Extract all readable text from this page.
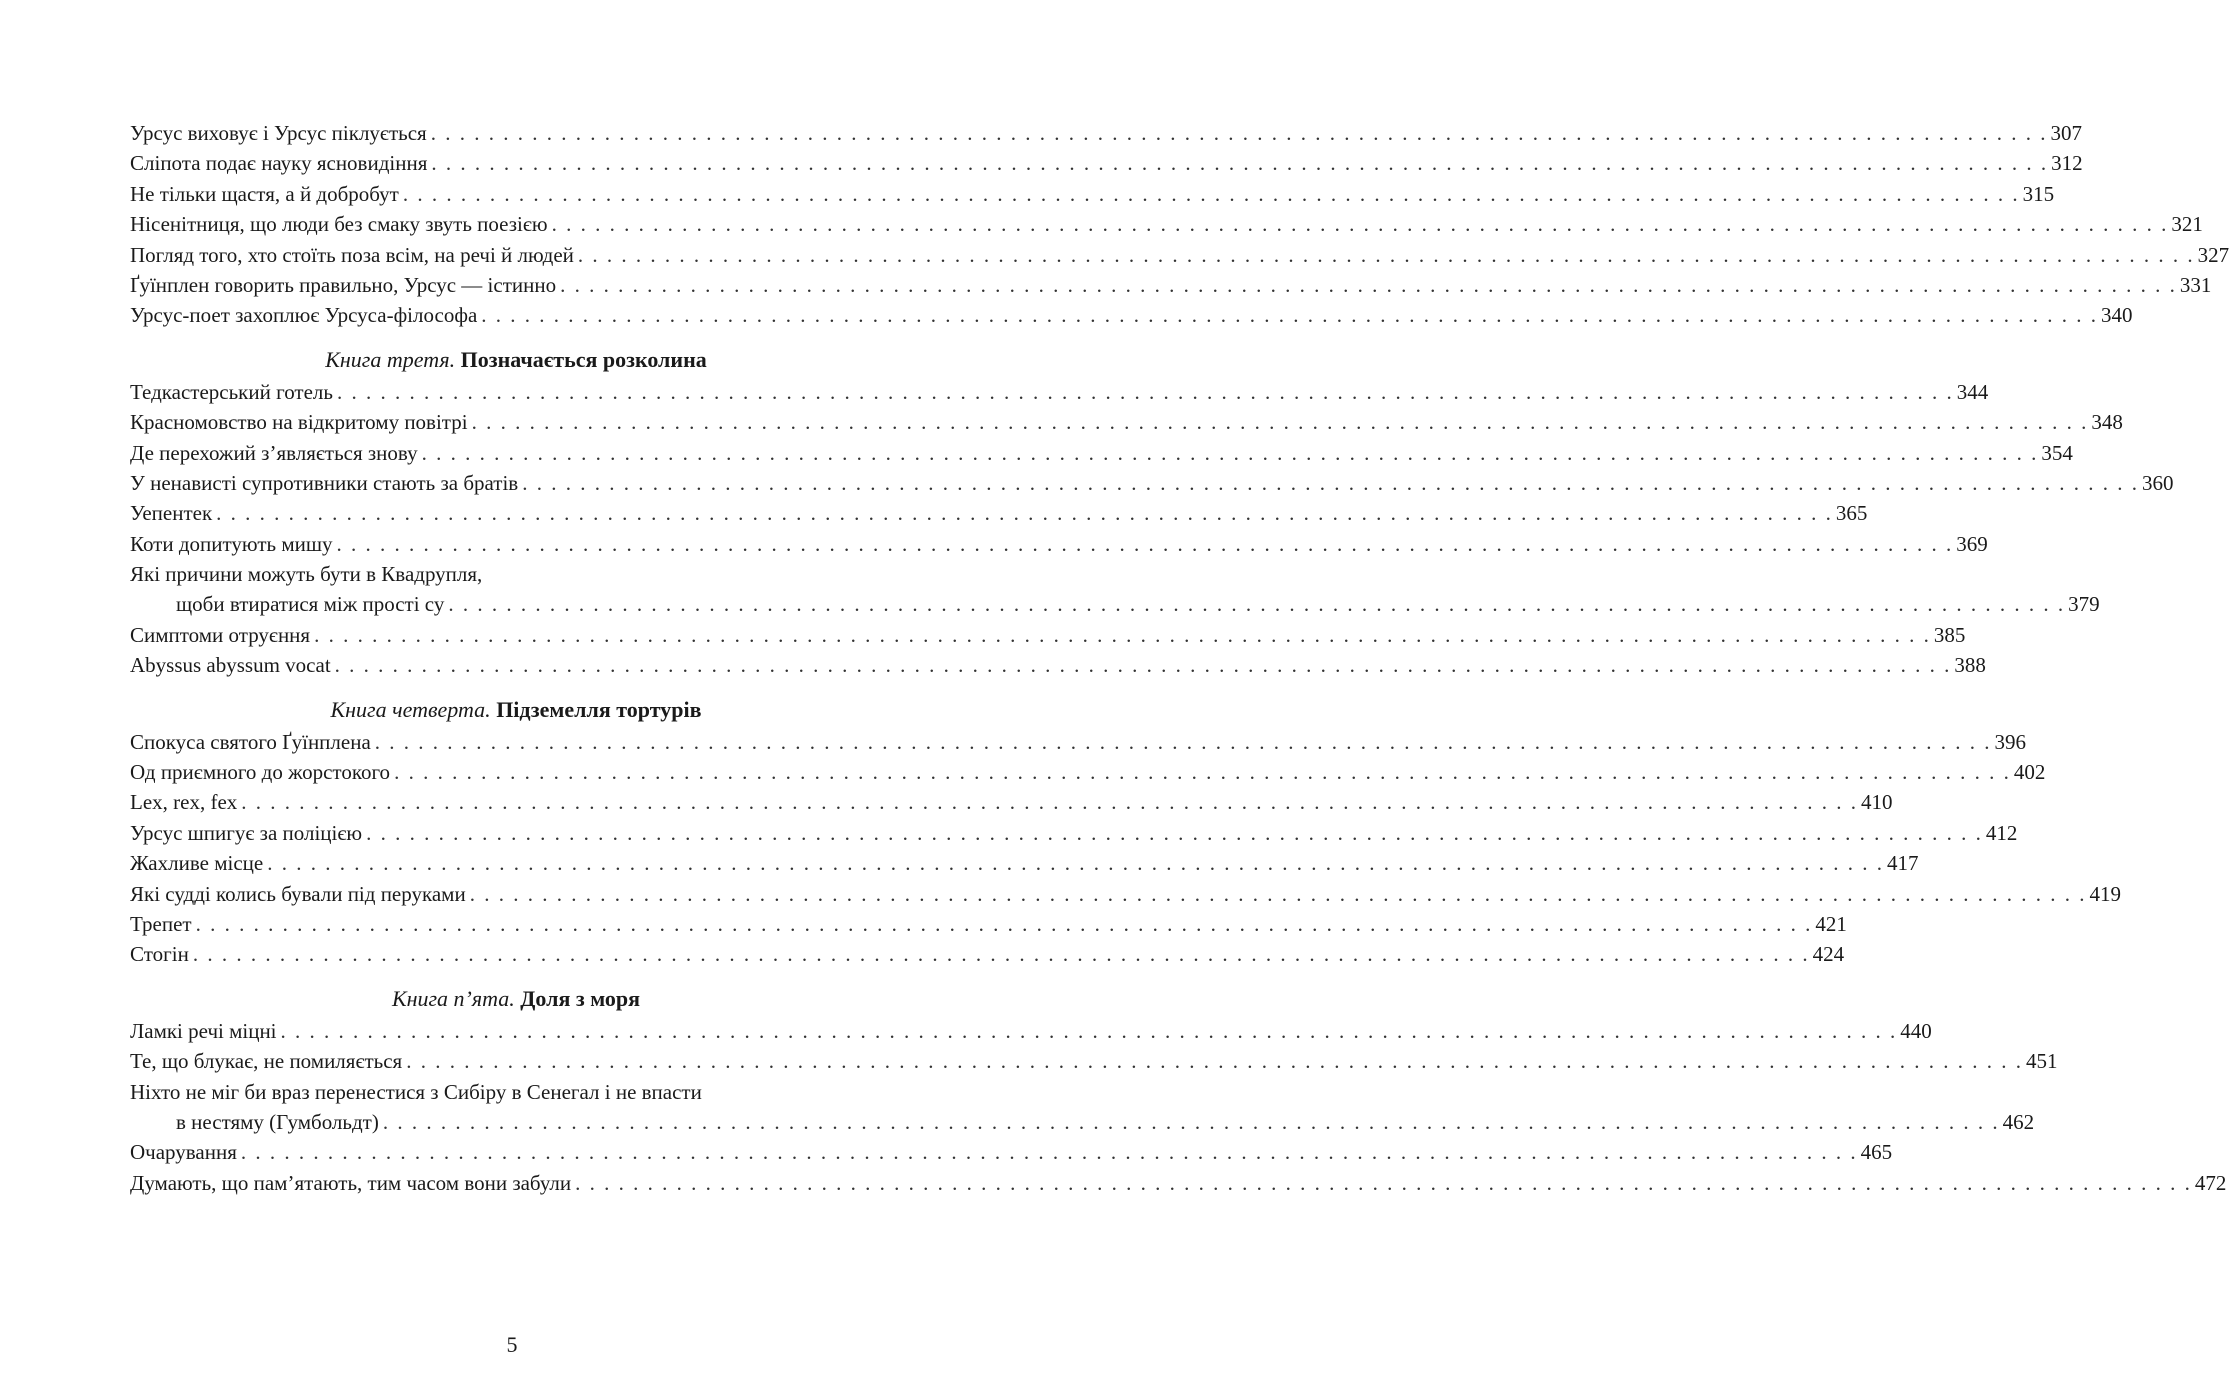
Урсус виховує і Урсус піклується . . . . . . . . . . . . . . . . . . . . . . . . . . . . . . . . . . . . . . . . . . . . . . . . . . . . . . . . . . . . . . . . . . . . . . . . . . . . . . . . . . . . . . . . . . . . . . . . . . . . . . . . . . . . . . . . 307
Сліпота подає науку ясновидіння . . . . . . . . . . . . . . . . . . . . . . . . . . . . . . . . . . . . . . . . . . . . . . . . . . . . . . . . . . . . . . . . . . . . . . . . . . . . . . . . . . . . . . . . . . . . . . . . . . . . . . . . . . . . . . . . 312
Не тільки щастя, а й добробут . . . . . . . . . . . . . . . . . . . . . . . . . . . . . . . . . . . . . . . . . . . . . . . . . . . . . . . . . . . . . . . . . . . . . . . . . . . . . . . . . . . . . . . . . . . . . . . . . . . . . . . . . . . . . . . . 315
Нісенітниця, що люди без смаку звуть поезією . . . . . . . . . . . . . . . . . . . . . . . . . . . . . . . . . . . . . . . . . . . . . . . . . . . . . . . . . . . . . . . . . . . . . . . . . . . . . . . . . . . . . . . . . . . . . . . . . . . . . . . . . . . . . . . . 321
Погляд того, хто стоїть поза всім, на речі й людей . . . . . . . . . . . . . . . . . . . . . . . . . . . . . . . . . . . . . . . . . . . . . . . . . . . . . . . . . . . . . . . . . . . . . . . . . . . . . . . . . . . . . . . . . . . . . . . . . . . . . . . . . . . . . . . . 327
Ґуїнплен говорить правильно, Урсус — істинно . . . . . . . . . . . . . . . . . . . . . . . . . . . . . . . . . . . . . . . . . . . . . . . . . . . . . . . . . . . . . . . . . . . . . . . . . . . . . . . . . . . . . . . . . . . . . . . . . . . . . . . . . . . . . . . . 331
Урсус-поет захоплює Урсуса-філософа . . . . . . . . . . . . . . . . . . . . . . . . . . . . . . . . . . . . . . . . . . . . . . . . . . . . . . . . . . . . . . . . . . . . . . . . . . . . . . . . . . . . . . . . . . . . . . . . . . . . . . . . . . . . . . . . 340
Книга третя. Позначається розколина
Тедкастерський готель . . . . . . . . . . . . . . . . . . . . . . . . . . . . . . . . . . . . . . . . . . . . . . . . . . . . . . . . . . . . . . . . . . . . . . . . . . . . . . . . . . . . . . . . . . . . . . . . . . . . . . . . . . . . . . . . 344
Красномовство на відкритому повітрі . . . . . . . . . . . . . . . . . . . . . . . . . . . . . . . . . . . . . . . . . . . . . . . . . . . . . . . . . . . . . . . . . . . . . . . . . . . . . . . . . . . . . . . . . . . . . . . . . . . . . . . . . . . . . . . . 348
Де перехожий з’являється знову . . . . . . . . . . . . . . . . . . . . . . . . . . . . . . . . . . . . . . . . . . . . . . . . . . . . . . . . . . . . . . . . . . . . . . . . . . . . . . . . . . . . . . . . . . . . . . . . . . . . . . . . . . . . . . . . 354
У ненависті супротивники стають за братів . . . . . . . . . . . . . . . . . . . . . . . . . . . . . . . . . . . . . . . . . . . . . . . . . . . . . . . . . . . . . . . . . . . . . . . . . . . . . . . . . . . . . . . . . . . . . . . . . . . . . . . . . . . . . . . . 360
Уепентек . . . . . . . . . . . . . . . . . . . . . . . . . . . . . . . . . . . . . . . . . . . . . . . . . . . . . . . . . . . . . . . . . . . . . . . . . . . . . . . . . . . . . . . . . . . . . . . . . . . . . . . . . . . . . . . . 365
Коти допитують мишу . . . . . . . . . . . . . . . . . . . . . . . . . . . . . . . . . . . . . . . . . . . . . . . . . . . . . . . . . . . . . . . . . . . . . . . . . . . . . . . . . . . . . . . . . . . . . . . . . . . . . . . . . . . . . . . . 369
Які причини можуть бути в Квадрупля,
щоби втиратися між прості су . . . . . . . . . . . . . . . . . . . . . . . . . . . . . . . . . . . . . . . . . . . . . . . . . . . . . . . . . . . . . . . . . . . . . . . . . . . . . . . . . . . . . . . . . . . . . . . . . . . . . . . . . . . . . . . . 379
Симптоми отруєння . . . . . . . . . . . . . . . . . . . . . . . . . . . . . . . . . . . . . . . . . . . . . . . . . . . . . . . . . . . . . . . . . . . . . . . . . . . . . . . . . . . . . . . . . . . . . . . . . . . . . . . . . . . . . . . . 385
Abyssus abyssum vocat . . . . . . . . . . . . . . . . . . . . . . . . . . . . . . . . . . . . . . . . . . . . . . . . . . . . . . . . . . . . . . . . . . . . . . . . . . . . . . . . . . . . . . . . . . . . . . . . . . . . . . . . . . . . . . . . 388
Книга четверта. Підземелля тортурів
Спокуса святого Ґуїнплена . . . . . . . . . . . . . . . . . . . . . . . . . . . . . . . . . . . . . . . . . . . . . . . . . . . . . . . . . . . . . . . . . . . . . . . . . . . . . . . . . . . . . . . . . . . . . . . . . . . . . . . . . . . . . . . . 396
Од приємного до жорстокого . . . . . . . . . . . . . . . . . . . . . . . . . . . . . . . . . . . . . . . . . . . . . . . . . . . . . . . . . . . . . . . . . . . . . . . . . . . . . . . . . . . . . . . . . . . . . . . . . . . . . . . . . . . . . . . . 402
Lex, rex, fex . . . . . . . . . . . . . . . . . . . . . . . . . . . . . . . . . . . . . . . . . . . . . . . . . . . . . . . . . . . . . . . . . . . . . . . . . . . . . . . . . . . . . . . . . . . . . . . . . . . . . . . . . . . . . . . . 410
Урсус шпигує за поліцією . . . . . . . . . . . . . . . . . . . . . . . . . . . . . . . . . . . . . . . . . . . . . . . . . . . . . . . . . . . . . . . . . . . . . . . . . . . . . . . . . . . . . . . . . . . . . . . . . . . . . . . . . . . . . . . . 412
Жахливе місце . . . . . . . . . . . . . . . . . . . . . . . . . . . . . . . . . . . . . . . . . . . . . . . . . . . . . . . . . . . . . . . . . . . . . . . . . . . . . . . . . . . . . . . . . . . . . . . . . . . . . . . . . . . . . . . . 417
Які судді колись бували під перуками . . . . . . . . . . . . . . . . . . . . . . . . . . . . . . . . . . . . . . . . . . . . . . . . . . . . . . . . . . . . . . . . . . . . . . . . . . . . . . . . . . . . . . . . . . . . . . . . . . . . . . . . . . . . . . . . 419
Трепет . . . . . . . . . . . . . . . . . . . . . . . . . . . . . . . . . . . . . . . . . . . . . . . . . . . . . . . . . . . . . . . . . . . . . . . . . . . . . . . . . . . . . . . . . . . . . . . . . . . . . . . . . . . . . . . . 421
Стогін . . . . . . . . . . . . . . . . . . . . . . . . . . . . . . . . . . . . . . . . . . . . . . . . . . . . . . . . . . . . . . . . . . . . . . . . . . . . . . . . . . . . . . . . . . . . . . . . . . . . . . . . . . . . . . . . 424
Книга п’ята. Доля з моря
Ламкі речі міцні . . . . . . . . . . . . . . . . . . . . . . . . . . . . . . . . . . . . . . . . . . . . . . . . . . . . . . . . . . . . . . . . . . . . . . . . . . . . . . . . . . . . . . . . . . . . . . . . . . . . . . . . . . . . . . . . 440
Те, що блукає, не помиляється . . . . . . . . . . . . . . . . . . . . . . . . . . . . . . . . . . . . . . . . . . . . . . . . . . . . . . . . . . . . . . . . . . . . . . . . . . . . . . . . . . . . . . . . . . . . . . . . . . . . . . . . . . . . . . . . 451
Ніхто не міг би враз перенестися з Сибіру в Сенегал і не впасти
в нестяму (Гумбольдт) . . . . . . . . . . . . . . . . . . . . . . . . . . . . . . . . . . . . . . . . . . . . . . . . . . . . . . . . . . . . . . . . . . . . . . . . . . . . . . . . . . . . . . . . . . . . . . . . . . . . . . . . . . . . . . . . 462
Очарування . . . . . . . . . . . . . . . . . . . . . . . . . . . . . . . . . . . . . . . . . . . . . . . . . . . . . . . . . . . . . . . . . . . . . . . . . . . . . . . . . . . . . . . . . . . . . . . . . . . . . . . . . . . . . . . . 465
Думають, що пам’ятають, тим часом вони забули . . . . . . . . . . . . . . . . . . . . . . . . . . . . . . . . . . . . . . . . . . . . . . . . . . . . . . . . . . . . . . . . . . . . . . . . . . . . . . . . . . . . . . . . . . . . . . . . . . . . . . . . . . . . . . . . 472
5
